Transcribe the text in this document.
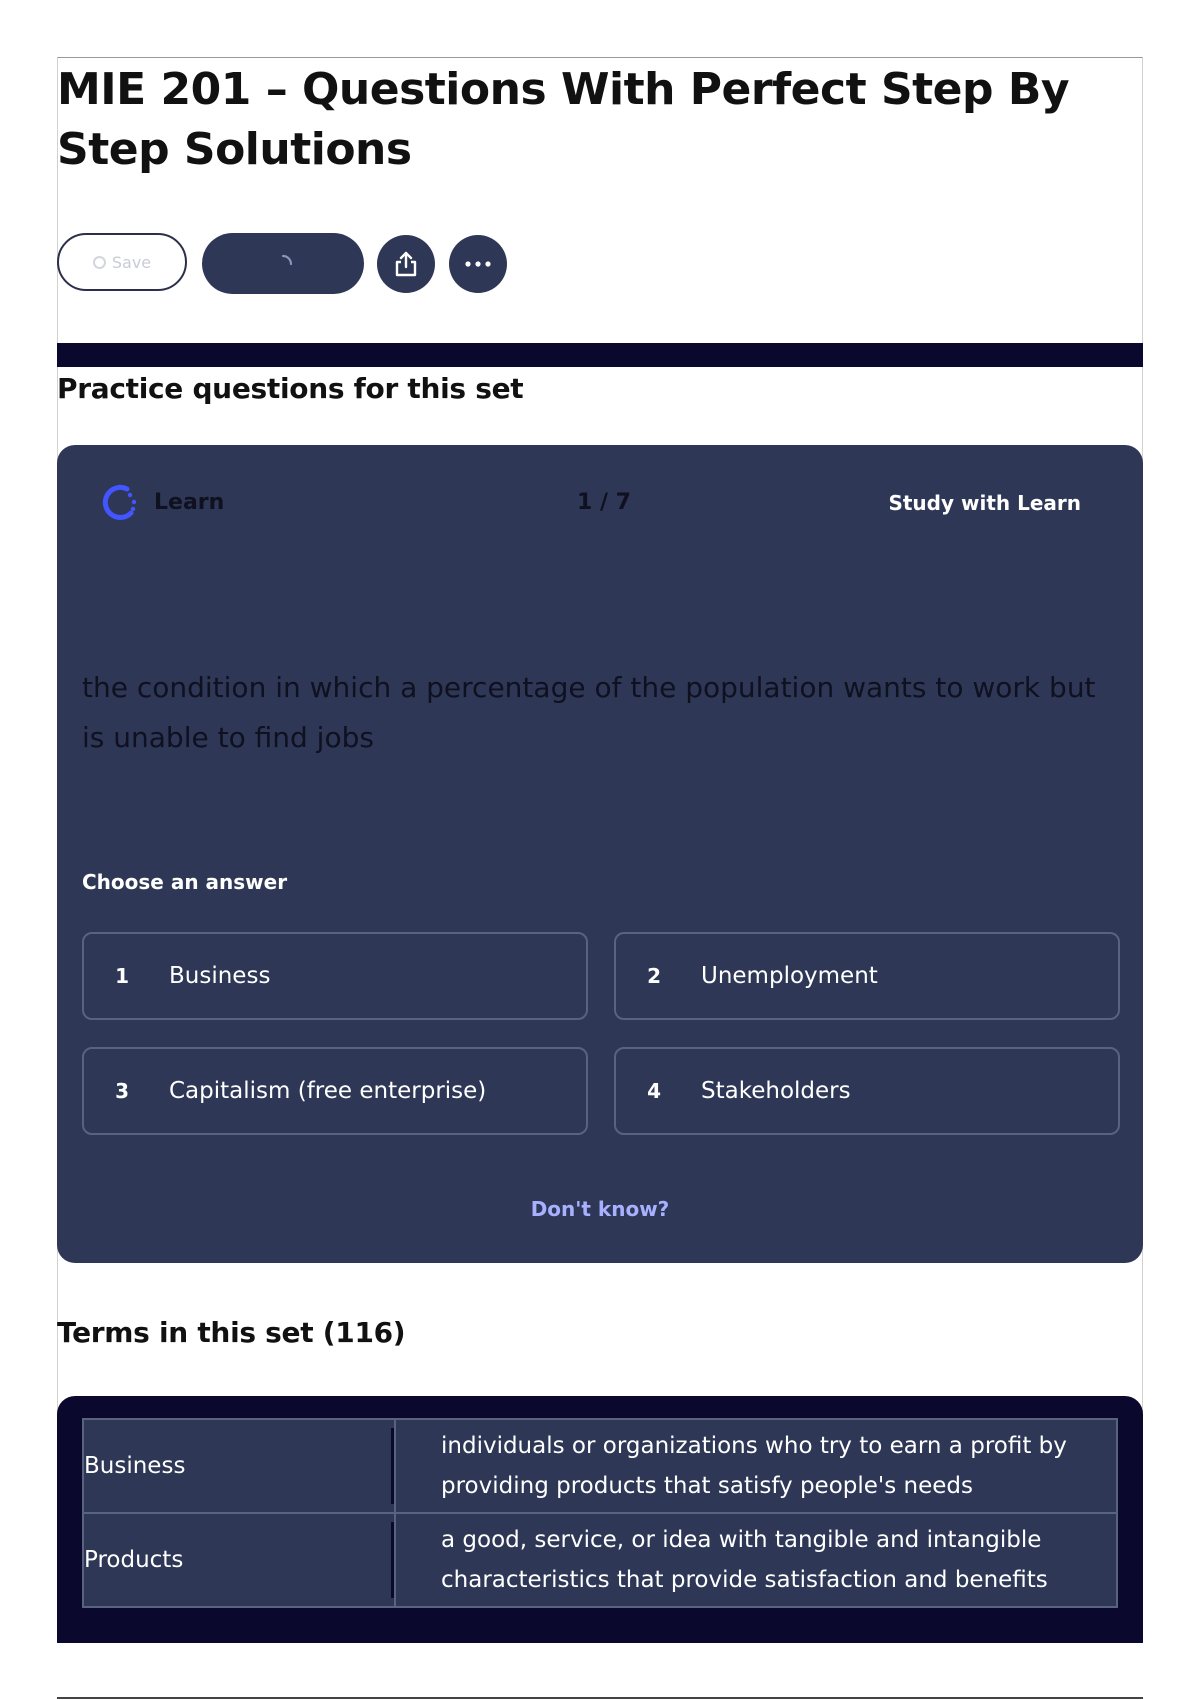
MIE 201 – Questions With Perfect Step By Step Solutions
Save
Practice questions for this set
Learn	1 / 7	Study with Learn

the condition in which a percentage of the population wants to work but is unable to find jobs

Choose an answer
1 Business	2 Unemployment
3 Capitalism (free enterprise)	4 Stakeholders
Don't know?
Terms in this set (116)
Business	individuals or organizations who try to earn a profit by providing products that satisfy people's needs
Products	a good, service, or idea with tangible and intangible characteristics that provide satisfaction and benefits
